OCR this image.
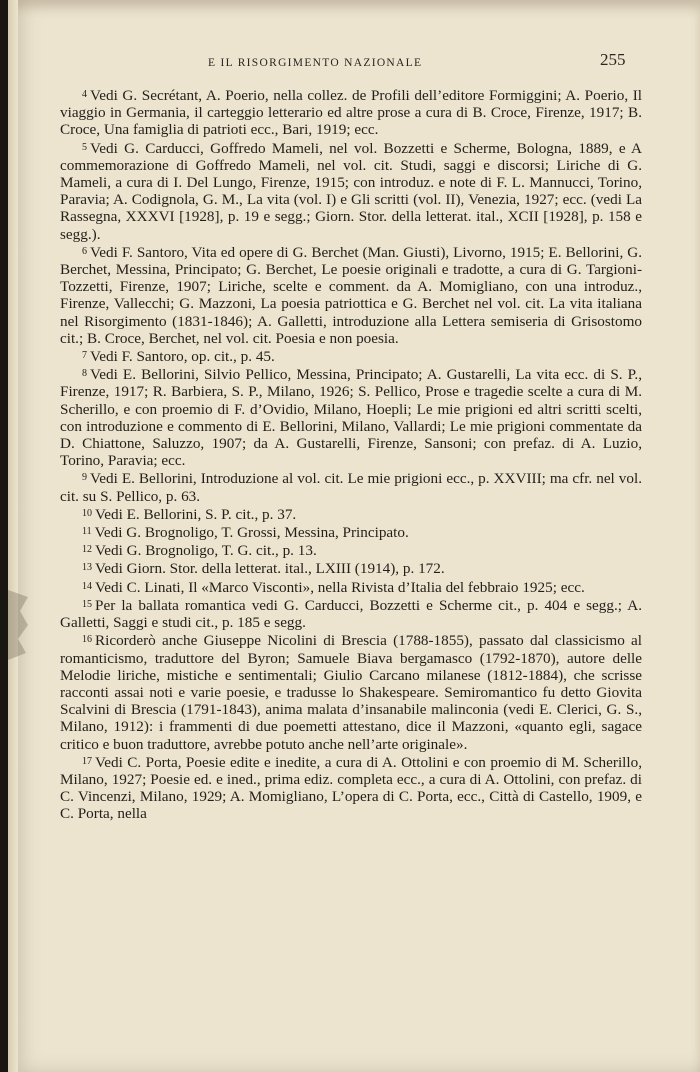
E IL RISORGIMENTO NAZIONALE	255

4 Vedi G. Secrétant, A. Poerio, nella collez. de Profili dell’editore Formiggini; A. Poerio, Il viaggio in Germania, il carteggio letterario ed altre prose a cura di B. Croce, Firenze, 1917; B. Croce, Una famiglia di patrioti ecc., Bari, 1919; ecc.

5 Vedi G. Carducci, Goffredo Mameli, nel vol. Bozzetti e Scherme, Bologna, 1889, e A commemorazione di Goffredo Mameli, nel vol. cit. Studi, saggi e discorsi; Liriche di G. Mameli, a cura di I. Del Lungo, Firenze, 1915; con introduz. e note di F. L. Mannucci, Torino, Paravia; A. Codignola, G. M., La vita (vol. I) e Gli scritti (vol. II), Venezia, 1927; ecc. (vedi La Rassegna, XXXVI [1928], p. 19 e segg.; Giorn. Stor. della letterat. ital., XCII [1928], p. 158 e segg.).

6 Vedi F. Santoro, Vita ed opere di G. Berchet (Man. Giusti), Livorno, 1915; E. Bellorini, G. Berchet, Messina, Principato; G. Berchet, Le poesie originali e tradotte, a cura di G. Targioni-Tozzetti, Firenze, 1907; Liriche, scelte e comment. da A. Momigliano, con una introduz., Firenze, Vallecchi; G. Mazzoni, La poesia patriottica e G. Berchet nel vol. cit. La vita italiana nel Risorgimento (1831-1846); A. Galletti, introduzione alla Lettera semiseria di Grisostomo cit.; B. Croce, Berchet, nel vol. cit. Poesia e non poesia.

7 Vedi F. Santoro, op. cit., p. 45.

8 Vedi E. Bellorini, Silvio Pellico, Messina, Principato; A. Gustarelli, La vita ecc. di S. P., Firenze, 1917; R. Barbiera, S. P., Milano, 1926; S. Pellico, Prose e tragedie scelte a cura di M. Scherillo, e con proemio di F. d’Ovidio, Milano, Hoepli; Le mie prigioni ed altri scritti scelti, con introduzione e commento di E. Bellorini, Milano, Vallardi; Le mie prigioni commentate da D. Chiattone, Saluzzo, 1907; da A. Gustarelli, Firenze, Sansoni; con prefaz. di A. Luzio, Torino, Paravia; ecc.

9 Vedi E. Bellorini, Introduzione al vol. cit. Le mie prigioni ecc., p. XXVIII; ma cfr. nel vol. cit. su S. Pellico, p. 63.

10 Vedi E. Bellorini, S. P. cit., p. 37.

11 Vedi G. Brognoligo, T. Grossi, Messina, Principato.

12 Vedi G. Brognoligo, T. G. cit., p. 13.

13 Vedi Giorn. Stor. della letterat. ital., LXIII (1914), p. 172.

14 Vedi C. Linati, Il «Marco Visconti», nella Rivista d’Italia del febbraio 1925; ecc.

15 Per la ballata romantica vedi G. Carducci, Bozzetti e Scherme cit., p. 404 e segg.; A. Galletti, Saggi e studi cit., p. 185 e segg.

16 Ricorderò anche Giuseppe Nicolini di Brescia (1788-1855), passato dal classicismo al romanticismo, traduttore del Byron; Samuele Biava bergamasco (1792-1870), autore delle Melodie liriche, mistiche e sentimentali; Giulio Carcano milanese (1812-1884), che scrisse racconti assai noti e varie poesie, e tradusse lo Shakespeare. Semiromantico fu detto Giovita Scalvini di Brescia (1791-1843), anima malata d’insanabile malinconia (vedi E. Clerici, G. S., Milano, 1912): i frammenti di due poemetti attestano, dice il Mazzoni, «quanto egli, sagace critico e buon traduttore, avrebbe potuto anche nell’arte originale».

17 Vedi C. Porta, Poesie edite e inedite, a cura di A. Ottolini e con proemio di M. Scherillo, Milano, 1927; Poesie ed. e ined., prima ediz. completa ecc., a cura di A. Ottolini, con prefaz. di C. Vincenzi, Milano, 1929; A. Momigliano, L’opera di C. Porta, ecc., Città di Castello, 1909, e C. Porta, nella
